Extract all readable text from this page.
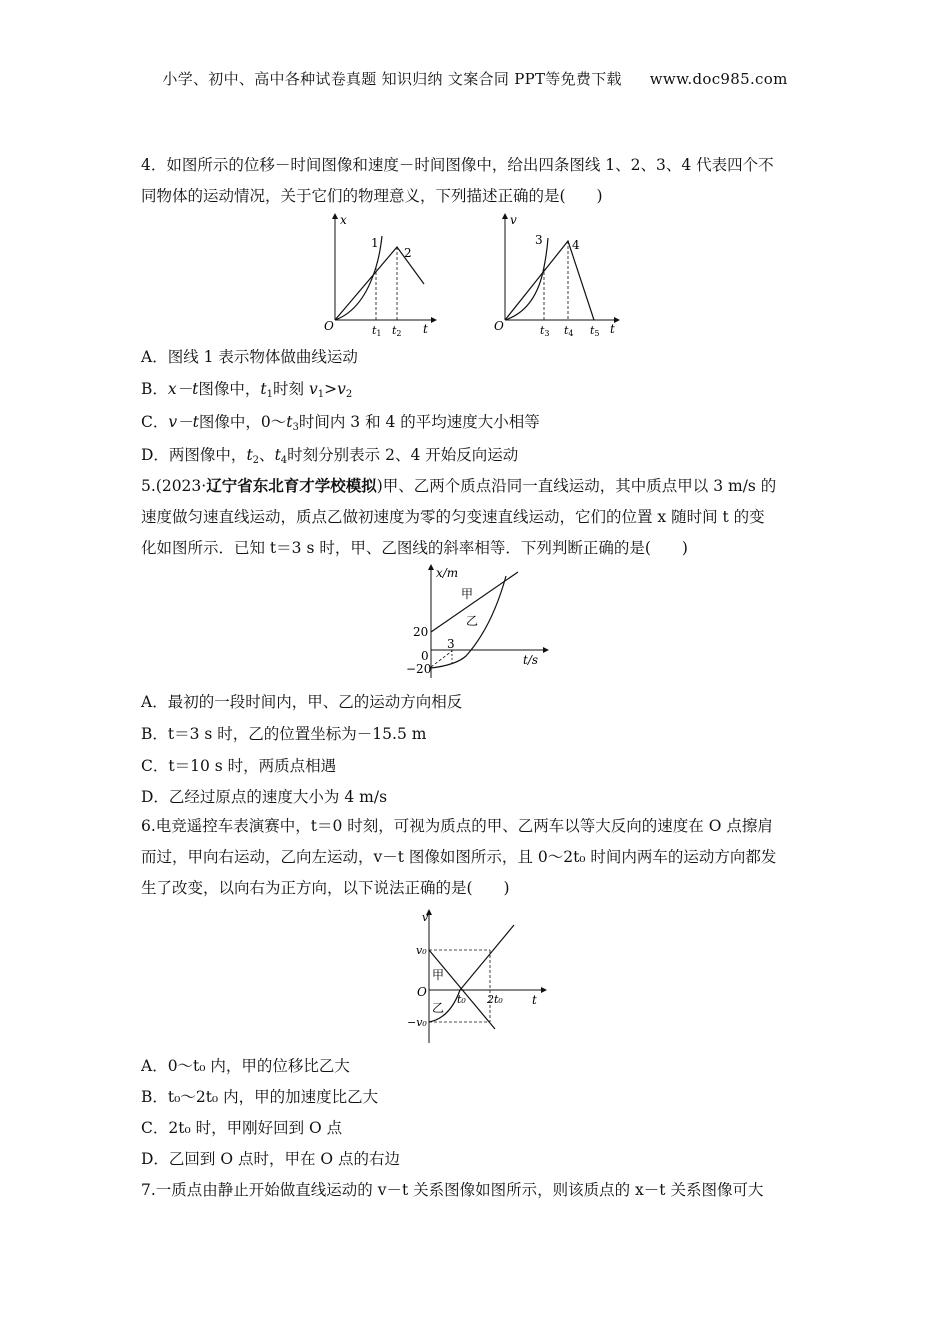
小学、初中、高中各种试卷真题 知识归纳 文案合同 PPT等免费下载 www.doc985.com
4．如图所示的位移－时间图像和速度－时间图像中，给出四条图线 1、2、3、4 代表四个不
同物体的运动情况，关于它们的物理意义，下列描述正确的是(　　)
x
t
O
1
2
t1 t2
v
t
O
3 4
t3 t4 t5
A．图线 1 表示物体做曲线运动
B．x－t图像中，$t_1$时刻 $v_1>v_2$
C．v－t图像中，$0\sim t_3$时间内 3 和 4 的平均速度大小相等
D．两图像中，$t_2$、$t_4$时刻分别表示 2、4 开始反向运动
5.(2023·辽宁省东北育才学校模拟)甲、乙两个质点沿同一直线运动，其中质点甲以 3 m/s 的
速度做匀速直线运动，质点乙做初速度为零的匀变速直线运动，它们的位置 x 随时间 t 的变
化如图所示．已知 t＝3 s 时，甲、乙图线的斜率相等．下列判断正确的是(　　)
x/m
t/s
0
20
−20
3
甲
乙
A．最初的一段时间内，甲、乙的运动方向相反
B．t＝3 s 时，乙的位置坐标为－15.5 m
C．t＝10 s 时，两质点相遇
D．乙经过原点的速度大小为 4 m/s
6.电竞遥控车表演赛中，t＝0 时刻，可视为质点的甲、乙两车以等大反向的速度在 O 点擦肩
而过，甲向右运动，乙向左运动，v－t 图像如图所示，且 0～2t₀ 时间内两车的运动方向都发
生了改变，以向右为正方向，以下说法正确的是(　　)
v
t
O
v₀
−v₀
t₀ 2t₀
甲
乙
A．0～t₀ 内，甲的位移比乙大
B．t₀～2t₀ 内，甲的加速度比乙大
C．2t₀ 时，甲刚好回到 O 点
D．乙回到 O 点时，甲在 O 点的右边
7.一质点由静止开始做直线运动的 v－t 关系图像如图所示，则该质点的 x－t 关系图像可大
